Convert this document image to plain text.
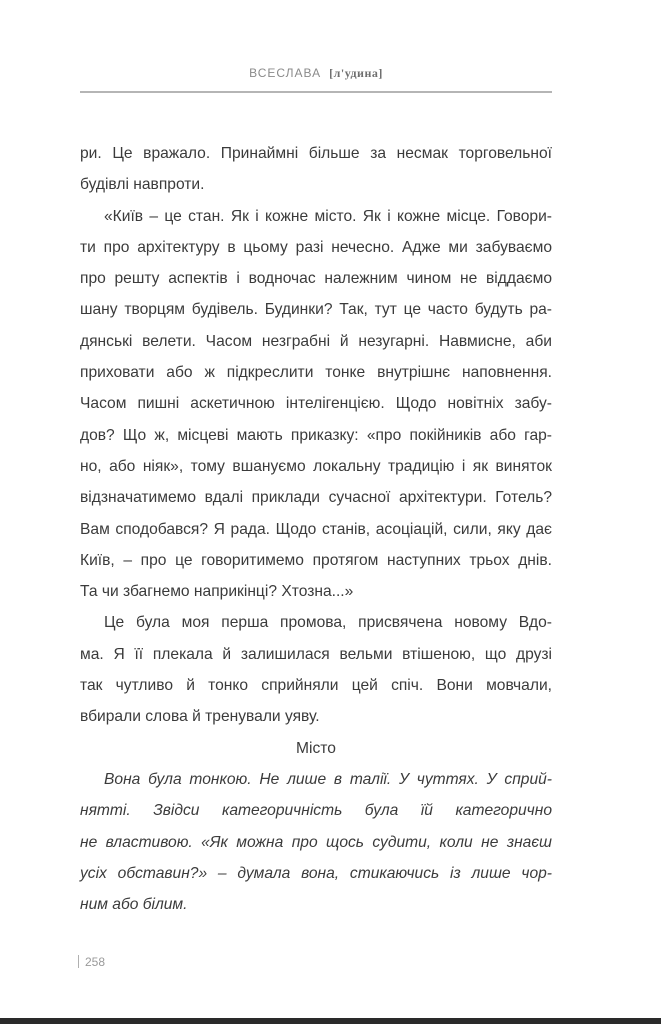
ВСЕСЛАВА [л'удина]
ри. Це вражало. Принаймні більше за несмак торговельної
будівлі навпроти.
«Київ – це стан. Як і кожне місто. Як і кожне місце. Говори-
ти про архітектуру в цьому разі нечесно. Адже ми забуваємо
про решту аспектів і водночас належним чином не віддаємо
шану творцям будівель. Будинки? Так, тут це часто будуть ра-
дянські велети. Часом незграбні й незугарні. Навмисне, аби
приховати або ж підкреслити тонке внутрішнє наповнення.
Часом пишні аскетичною інтелігенцією. Щодо новітніх забу-
дов? Що ж, місцеві мають приказку: «про покійників або гар-
но, або ніяк», тому вшануємо локальну традицію і як виняток
відзначатимемо вдалі приклади сучасної архітектури. Готель?
Вам сподобався? Я рада. Щодо станів, асоціацій, сили, яку дає
Київ, – про це говоритимемо протягом наступних трьох днів.
Та чи збагнемо наприкінці? Хтозна...»
Це була моя перша промова, присвячена новому Вдо-
ма. Я її плекала й залишилася вельми втішеною, що друзі
так чутливо й тонко сприйняли цей спіч. Вони мовчали,
вбирали слова й тренували уяву.
Місто
Вона була тонкою. Не лише в талії. У чуттях. У сприй-
нятті. Звідси категоричність була їй категорично
не властивою. «Як можна про щось судити, коли не знаєш
усіх обставин?» – думала вона, стикаючись із лише чор-
ним або білим.
258
